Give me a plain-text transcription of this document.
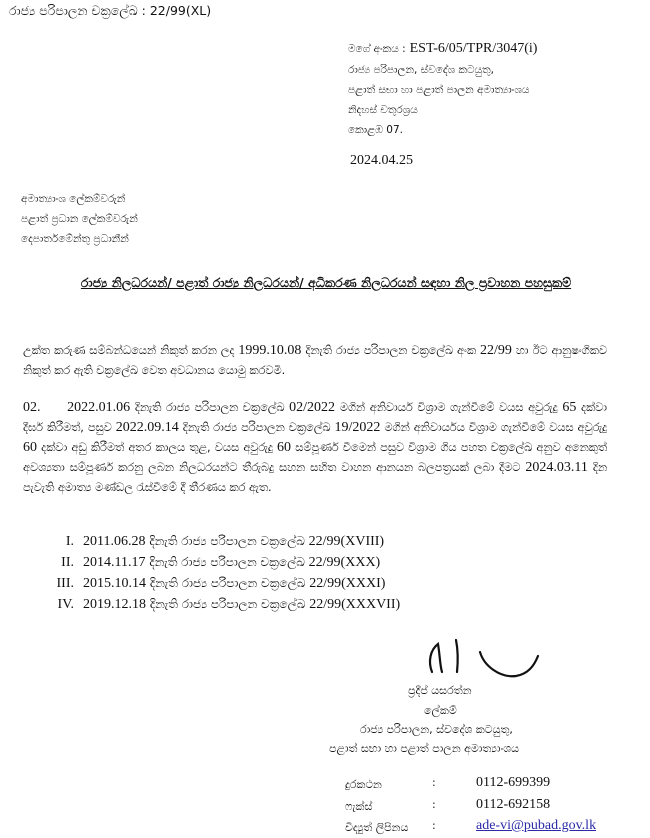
රාජ්‍ය පරිපාලන චක්‍රලේඛ : 22/99(XL)
මගේ අංකය : EST-6/05/TPR/3047(i)
රාජ්‍ය පරිපාලන, ස්වදේශ කටයුතු,
පළාත් සභා හා පළාත් පාලන අමාත්‍යාංශය
නිදහස් චතුරශ්‍රය
කොළඹ 07.
2024.04.25
අමාත්‍යාංශ ලේකම්වරුන්
පළාත් ප්‍රධාන ලේකම්වරුන්
දෙපාර්තමේන්තු ප්‍රධානීන්
රාජ්‍ය නිලධරයන්/ පළාත් රාජ්‍ය නිලධරයන්/ අධිකරණ නිලධරයන් සඳහා නිල ප්‍රවාහන පහසුකම්
උක්ත කරුණ සම්බන්ධයෙන් නිකුත් කරන ලද 1999.10.08 දිනැති රාජ්‍ය පරිපාලන චක්‍රලේඛ අංක 22/99 හා ඊට ආනුෂංගිකව නිකුත් කර ඇති චක්‍රලේඛ වෙත අවධානය යොමු කරවමි.
02. 2022.01.06 දිනැති රාජ්‍ය පරිපාලන චක්‍රලේඛ 02/2022 මගින් අනිවාර්ය විශ්‍රාම ගැන්වීමේ වයස අවුරුදු 65 දක්වා දීර්ඝ කිරීමත්, පසුව 2022.09.14 දිනැති රාජ්‍ය පරිපාලන චක්‍රලේඛ 19/2022 මගින් අනිවාර්යය විශ්‍රාම ගැන්වීමේ වයස අවුරුදු 60 දක්වා අඩු කිරීමත් අතර කාලය තුළ, වයස අවුරුදු 60 සම්පූර්ණ වීමෙන් පසුව විශ්‍රාම ගිය පහත චක්‍රලේඛ අනුව අනෙකුත් අවශ්‍යතා සම්පූර්ණ කරනු ලබන නිලධරයන්ට තීරුබදු සහන සහිත වාහන ආනයන බලපත්‍රයක් ලබා දීමට 2024.03.11 දින පැවැති අමාත්‍ය මණ්ඩල රැස්වීමේ දී තීරණය කර ඇත.
I. 2011.06.28 දිනැති රාජ්‍ය පරිපාලන චක්‍රලේඛ 22/99(XVIII)
II. 2014.11.17 දිනැති රාජ්‍ය පරිපාලන චක්‍රලේඛ 22/99(XXX)
III. 2015.10.14 දිනැති රාජ්‍ය පරිපාලන චක්‍රලේඛ 22/99(XXXI)
IV. 2019.12.18 දිනැති රාජ්‍ය පරිපාලන චක්‍රලේඛ 22/99(XXXVII)
ප්‍රදීප් යසරත්න
ලේකම්
රාජ්‍ය පරිපාලන, ස්වදේශ කටයුතු,
පළාත් සභා හා පළාත් පාලන අමාත්‍යාංශය
දුරකථන	:	0112-699399
ෆැක්ස්	:	0112-692158
විද්‍යුත් ලිපිනය :	ade-vi@pubad.gov.lk
